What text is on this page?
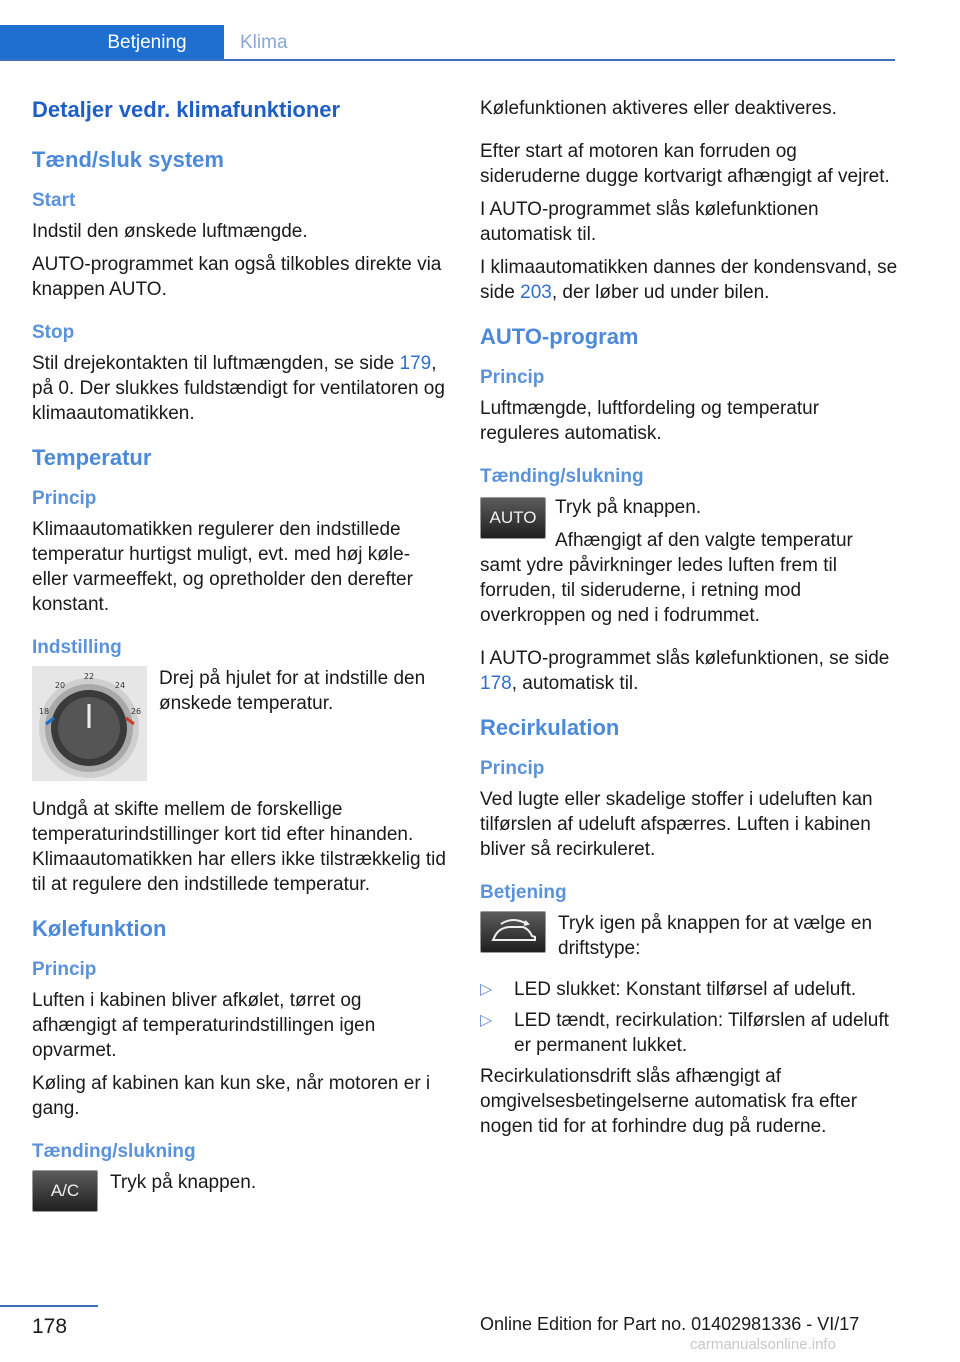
Betjening	Klima

Detaljer vedr. klimafunktioner

Tænd/sluk system

Start

Indstil den ønskede luftmængde.

AUTO-programmet kan også tilkobles direkte via knappen AUTO.

Stop

Stil drejekontakten til luftmængden, se side 179, på 0. Der slukkes fuldstændigt for ventilatoren og klimaautomatikken.

Temperatur

Princip

Klimaautomatikken regulerer den indstillede temperatur hurtigst muligt, evt. med høj køle- eller varmeeffekt, og opretholder den derefter konstant.

Indstilling

22
20	24
18	26

Drej på hjulet for at indstille den ønskede temperatur.

Undgå at skifte mellem de forskellige temperaturindstillinger kort tid efter hinanden. Klimaautomatikken har ellers ikke tilstrækkelig tid til at regulere den indstillede temperatur.

Kølefunktion

Princip

Luften i kabinen bliver afkølet, tørret og afhængigt af temperaturindstillingen igen opvarmet.

Køling af kabinen kan kun ske, når motoren er i gang.

Tænding/slukning

A/C	Tryk på knappen.

Kølefunktionen aktiveres eller deaktiveres.

Efter start af motoren kan forruden og sideruderne dugge kortvarigt afhængigt af vejret.

I AUTO-programmet slås kølefunktionen automatisk til.

I klimaautomatikken dannes der kondensvand, se side 203, der løber ud under bilen.

AUTO-program

Princip

Luftmængde, luftfordeling og temperatur reguleres automatisk.

Tænding/slukning

AUTO Tryk på knappen.

Afhængigt af den valgte temperatur samt ydre påvirkninger ledes luften frem til forruden, til sideruderne, i retning mod overkroppen og ned i fodrummet.

I AUTO-programmet slås kølefunktionen, se side 178, automatisk til.

Recirkulation

Princip

Ved lugte eller skadelige stoffer i udeluften kan tilførslen af udeluft afspærres. Luften i kabinen bliver så recirkuleret.

Betjening

Tryk igen på knappen for at vælge en driftstype:

▷	LED slukket: Konstant tilførsel af udeluft.

▷	LED tændt, recirkulation: Tilførslen af udeluft er permanent lukket.

Recirkulationsdrift slås afhængigt af omgivelsesbetingelserne automatisk fra efter nogen tid for at forhindre dug på ruderne.

178	Online Edition for Part no. 01402981336 - VI/17
carmanualsonline.info
